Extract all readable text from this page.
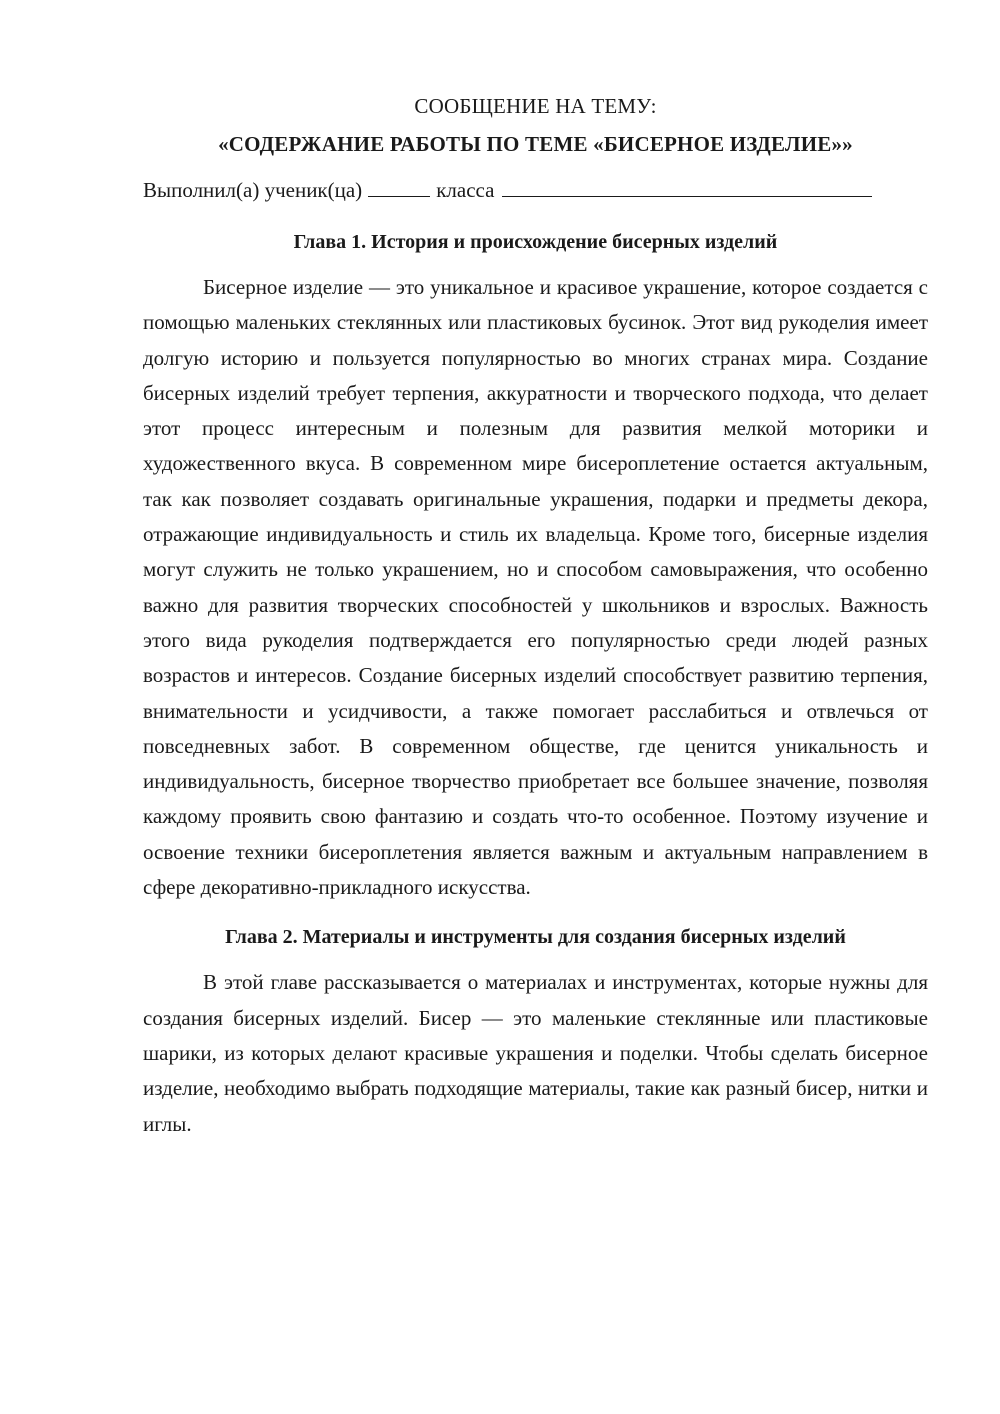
СООБЩЕНИЕ НА ТЕМУ:

«СОДЕРЖАНИЕ РАБОТЫ ПО ТЕМЕ «БИСЕРНОЕ ИЗДЕЛИЕ»»

Выполнил(а) ученик(ца)	класса
Глава 1. История и происхождение бисерных изделий

Бисерное изделие — это уникальное и красивое украшение, которое создается с помощью маленьких стеклянных или пластиковых бусинок. Этот вид рукоделия имеет долгую историю и пользуется популярностью во многих странах мира. Создание бисерных изделий требует терпения, аккуратности и творческого подхода, что делает этот процесс интересным и полезным для развития мелкой моторики и художественного вкуса. В современном мире бисероплетение остается актуальным, так как позволяет создавать оригинальные украшения, подарки и предметы декора, отражающие индивидуальность и стиль их владельца. Кроме того, бисерные изделия могут служить не только украшением, но и способом самовыражения, что особенно важно для развития творческих способностей у школьников и взрослых. Важность этого вида рукоделия подтверждается его популярностью среди людей разных возрастов и интересов. Создание бисерных изделий способствует развитию терпения, внимательности и усидчивости, а также помогает расслабиться и отвлечься от повседневных забот. В современном обществе, где ценится уникальность и индивидуальность, бисерное творчество приобретает все большее значение, позволяя каждому проявить свою фантазию и создать что-то особенное. Поэтому изучение и освоение техники бисероплетения является важным и актуальным направлением в сфере декоративно-прикладного искусства.

Глава 2. Материалы и инструменты для создания бисерных изделий

В этой главе рассказывается о материалах и инструментах, которые нужны для создания бисерных изделий. Бисер — это маленькие стеклянные или пластиковые шарики, из которых делают красивые украшения и поделки. Чтобы сделать бисерное изделие, необходимо выбрать подходящие материалы, такие как разный бисер, нитки и иглы.
